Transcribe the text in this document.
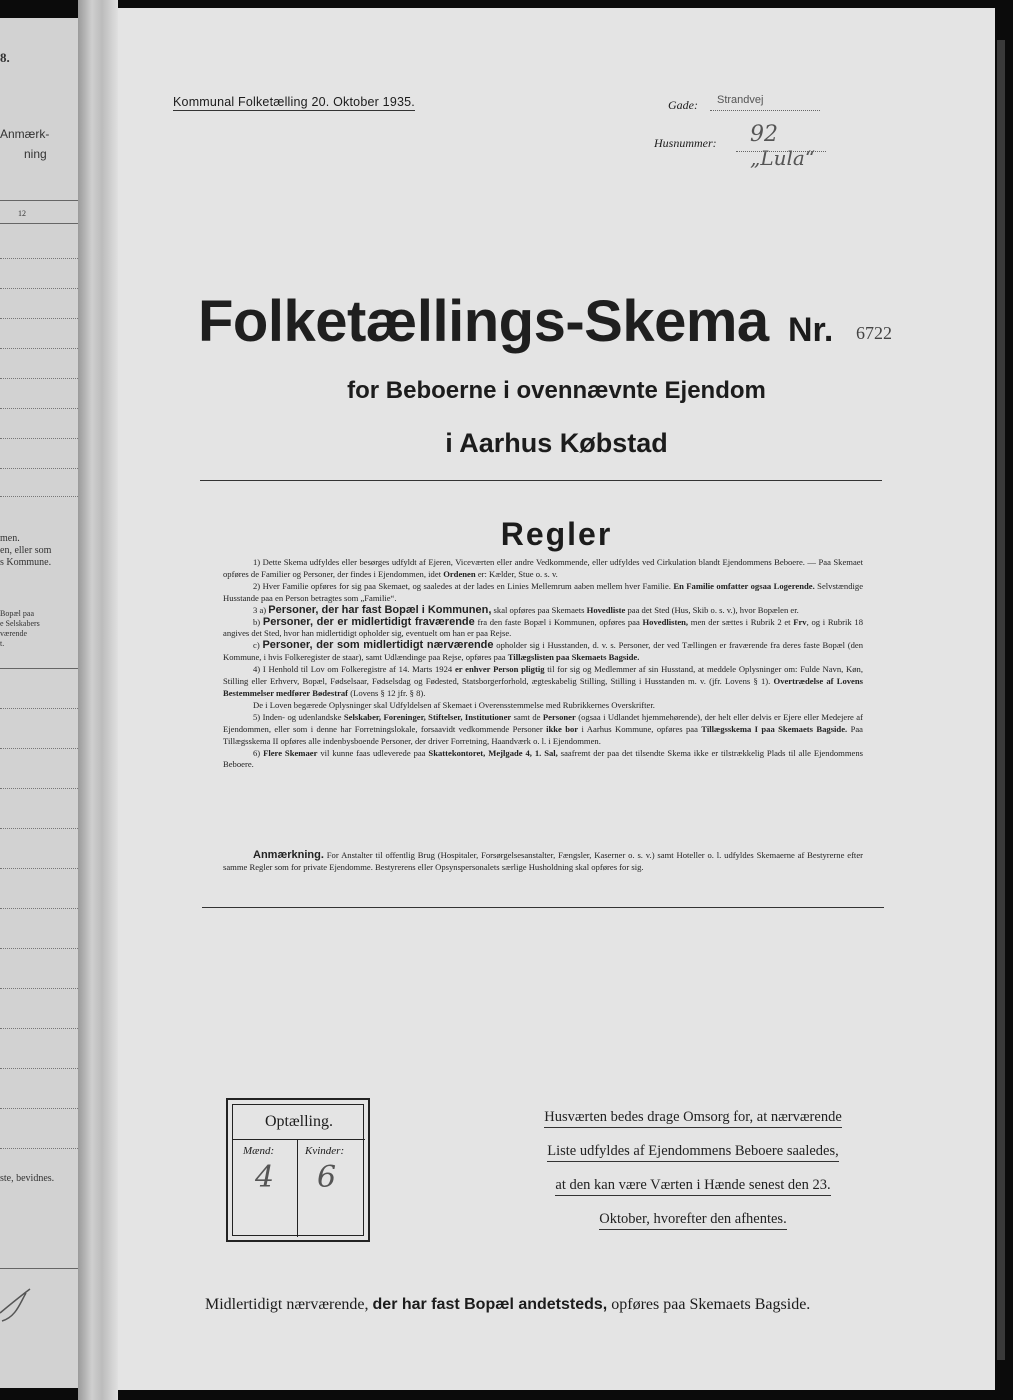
8.
Anmærk-
ning
12
men.
en, eller som
s Kommune.
Bopæl paa
e Selskabers
værende
t.
ste, bevidnes.
Kommunal Folketælling 20. Oktober 1935.	Gade: Strandvej
Husnummer: 92
„Lula“
Folketællings-Skema Nr. 6722
for Beboerne i ovennævnte Ejendom
i Aarhus Købstad
Regler

1) Dette Skema udfyldes eller besørges udfyldt af Ejeren, Viceværten eller andre Vedkommende, eller udfyldes ved Cirkulation blandt Ejendommens Beboere. — Paa Skemaet opføres de Familier og Personer, der findes i Ejendommen, idet Ordenen er: Kælder, Stue o. s. v.

2) Hver Familie opføres for sig paa Skemaet, og saaledes at der lades en Linies Mellemrum aaben mellem hver Familie. En Familie omfatter ogsaa Logerende. Selvstændige Husstande paa en Person betragtes som „Familie“.

3 a) Personer, der har fast Bopæl i Kommunen, skal opføres paa Skemaets Hovedliste paa det Sted (Hus, Skib o. s. v.), hvor Bopælen er.

b) Personer, der er midlertidigt fraværende fra den faste Bopæl i Kommunen, opføres paa Hovedlisten, men der sættes i Rubrik 2 et Frv, og i Rubrik 18 angives det Sted, hvor han midlertidigt opholder sig, eventuelt om han er paa Rejse.

c) Personer, der som midlertidigt nærværende opholder sig i Husstanden, d. v. s. Personer, der ved Tællingen er fraværende fra deres faste Bopæl (den Kommune, i hvis Folkeregister de staar), samt Udlændinge paa Rejse, opføres paa Tillægslisten paa Skemaets Bagside.

4) I Henhold til Lov om Folkeregistre af 14. Marts 1924 er enhver Person pligtig til for sig og Medlemmer af sin Husstand, at meddele Oplysninger om: Fulde Navn, Køn, Stilling eller Erhverv, Bopæl, Fødselsaar, Fødselsdag og Fødested, Statsborgerforhold, ægteskabelig Stilling, Stilling i Husstanden m. v. (jfr. Lovens § 1). Overtrædelse af Lovens Bestemmelser medfører Bødestraf (Lovens § 12 jfr. § 8).

De i Loven begærede Oplysninger skal Udfyldelsen af Skemaet i Overensstemmelse med Rubrikkernes Overskrifter.

5) Inden- og udenlandske Selskaber, Foreninger, Stiftelser, Institutioner samt de Personer (ogsaa i Udlandet hjemmehørende), der helt eller delvis er Ejere eller Medejere af Ejendommen, eller som i denne har Forretningslokale, forsaavidt vedkommende Personer ikke bor i Aarhus Kommune, opføres paa Tillægsskema I paa Skemaets Bagside. Paa Tillægsskema II opføres alle indenbysboende Personer, der driver Forretning, Haandværk o. l. i Ejendommen.

6) Flere Skemaer vil kunne faas udleverede paa Skattekontoret, Mejlgade 4, 1. Sal, saafremt der paa det tilsendte Skema ikke er tilstrækkelig Plads til alle Ejendommens Beboere.

Anmærkning. For Anstalter til offentlig Brug (Hospitaler, Forsørgelsesanstalter, Fængsler, Kaserner o. s. v.) samt Hoteller o. l. udfyldes Skemaerne af Bestyrerne efter samme Regler som for private Ejendomme. Bestyrerens eller Opsynspersonalets særlige Husholdning skal opføres for sig.

Optælling.
Mænd:	Kvinder:
4 6
Husværten bedes drage Omsorg for, at nærværende
Liste udfyldes af Ejendommens Beboere saaledes,
at den kan være Værten i Hænde senest den 23.
Oktober, hvorefter den afhentes.
Midlertidigt nærværende, der har fast Bopæl andetsteds, opføres paa Skemaets Bagside.
